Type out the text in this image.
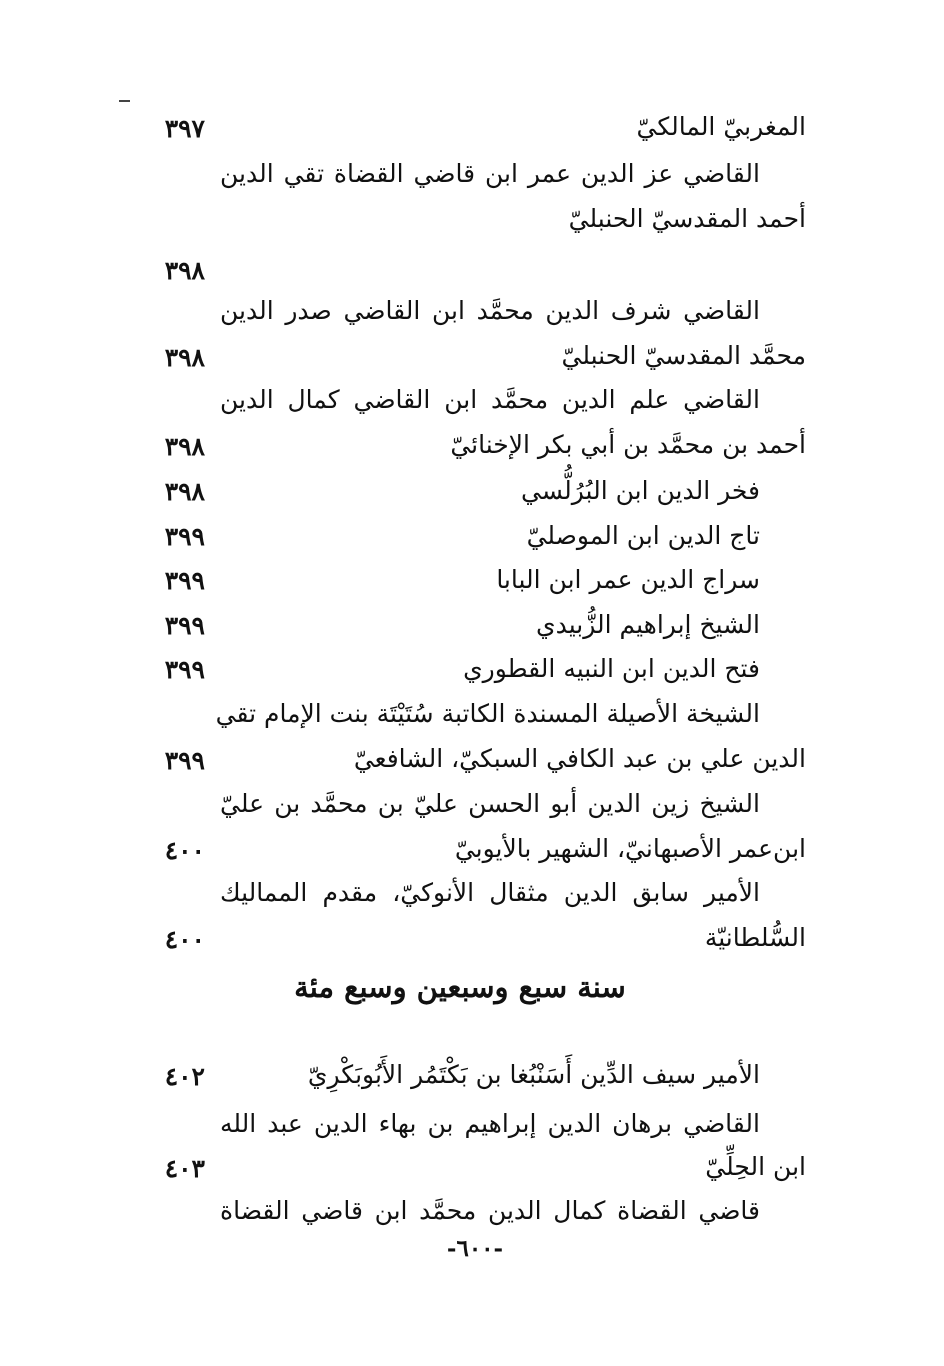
المغربيّ المالكيّ
٣٩٧
القاضي عز الدين عمر ابن قاضي القضاة تقي الدين
أحمد المقدسيّ الحنبليّ
٣٩٨
القاضي شرف الدين محمَّد ابن القاضي صدر الدين
محمَّد المقدسيّ الحنبليّ
٣٩٨
القاضي علم الدين محمَّد ابن القاضي كمال الدين
أحمد بن محمَّد بن أبي بكر الإخنائيّ
٣٩٨
فخر الدين ابن البُرُلُّسي
٣٩٨
تاج الدين ابن الموصليّ
٣٩٩
سراج الدين عمر ابن البابا
٣٩٩
الشيخ إبراهيم الزُّبيدي
٣٩٩
فتح الدين ابن النبيه القطوري
٣٩٩
الشيخة الأصيلة المسندة الكاتبة سُتَيْتَة بنت الإمام تقي
الدين علي بن عبد الكافي السبكيّ، الشافعيّ
٣٩٩
الشيخ زين الدين أبو الحسن عليّ بن محمَّد بن عليّ
ابن‌عمر الأصبهانيّ، الشهير بالأيوبيّ
٤٠٠
الأمير سابق الدين مثقال الأنوكيّ، مقدم المماليك
السُّلطانيّة
٤٠٠
سنة سبع وسبعين وسبع مئة
الأمير سيف الدِّين أَسَنْبُغا بن بَكْتَمُر الأَبُوبَكْرِيّ
٤٠٢
القاضي برهان الدين إبراهيم بن بهاء الدين عبد الله
ابن الحِلِّيّ
٤٠٣
قاضي القضاة كمال الدين محمَّد ابن قاضي القضاة
-٦٠٠-
